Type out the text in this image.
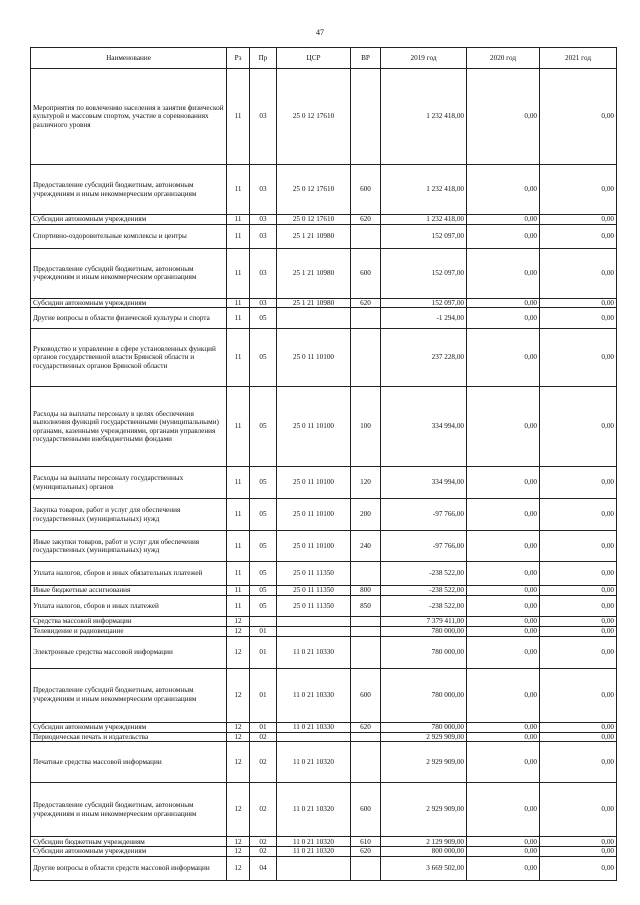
47
Наименование	Рз	Пр	ЦСР	ВР	2019 год	2020 год	2021 год
Мероприятия по вовлечению населения в занятия физической культурой и массовым спортом, участие в соревнованиях различного уровня	11	03	25 0 12 17610		1 232 418,00	0,00	0,00
Предоставление субсидий бюджетным, автономным учреждениям и иным некоммерческим организациям	11	03	25 0 12 17610	600	1 232 418,00	0,00	0,00
Субсидии автономным учреждениям	11	03	25 0 12 17610	620	1 232 418,00	0,00	0,00
Спортивно-оздоровительные комплексы и центры	11	03	25 1 21 10980		152 097,00	0,00	0,00
Предоставление субсидий бюджетным, автономным учреждениям и иным некоммерческим организациям	11	03	25 1 21 10980	600	152 097,00	0,00	0,00
Субсидии автономным учреждениям	11	03	25 1 21 10980	620	152 097,00	0,00	0,00
Другие вопросы в области физической культуры и спорта	11	05			-1 294,00	0,00	0,00
Руководство и управление в сфере установленных функций органов государственной власти Брянской области и государственных органов Брянской области	11	05	25 0 11 10100		237 228,00	0,00	0,00
Расходы на выплаты персоналу в целях обеспечения выполнения функций государственными (муниципальными) органами, казенными учреждениями, органами управления государственными внебюджетными фондами	11	05	25 0 11 10100	100	334 994,00	0,00	0,00
Расходы на выплаты персоналу государственных (муниципальных) органов	11	05	25 0 11 10100	120	334 994,00	0,00	0,00
Закупка товаров, работ и услуг для обеспечения государственных (муниципальных) нужд	11	05	25 0 11 10100	200	-97 766,00	0,00	0,00
Иные закупки товаров, работ и услуг для обеспечения государственных (муниципальных) нужд	11	05	25 0 11 10100	240	-97 766,00	0,00	0,00
Уплата налогов, сборов и иных обязательных платежей	11	05	25 0 11 11350		-238 522,00	0,00	0,00
Иные бюджетные ассигнования	11	05	25 0 11 11350	800	-238 522,00	0,00	0,00
Уплата налогов, сборов и иных платежей	11	05	25 0 11 11350	850	-238 522,00	0,00	0,00
Средства массовой информации	12				7 379 411,00	0,00	0,00
Телевидение и радиовещание	12	01			780 000,00	0,00	0,00
Электронные средства массовой информации	12	01	11 0 21 10330		780 000,00	0,00	0,00
Предоставление субсидий бюджетным, автономным учреждениям и иным некоммерческим организациям	12	01	11 0 21 10330	600	780 000,00	0,00	0,00
Субсидии автономным учреждениям	12	01	11 0 21 10330	620	780 000,00	0,00	0,00
Периодическая печать и издательства	12	02			2 929 909,00	0,00	0,00
Печатные средства массовой информации	12	02	11 0 21 10320		2 929 909,00	0,00	0,00
Предоставление субсидий бюджетным, автономным учреждениям и иным некоммерческим организациям	12	02	11 0 21 10320	600	2 929 909,00	0,00	0,00
Субсидии бюджетным учреждениям	12	02	11 0 21 10320	610	2 129 909,00	0,00	0,00
Субсидии автономным учреждениям	12	02	11 0 21 10320	620	800 000,00	0,00	0,00
Другие вопросы в области средств массовой информации	12	04			3 669 502,00	0,00	0,00
